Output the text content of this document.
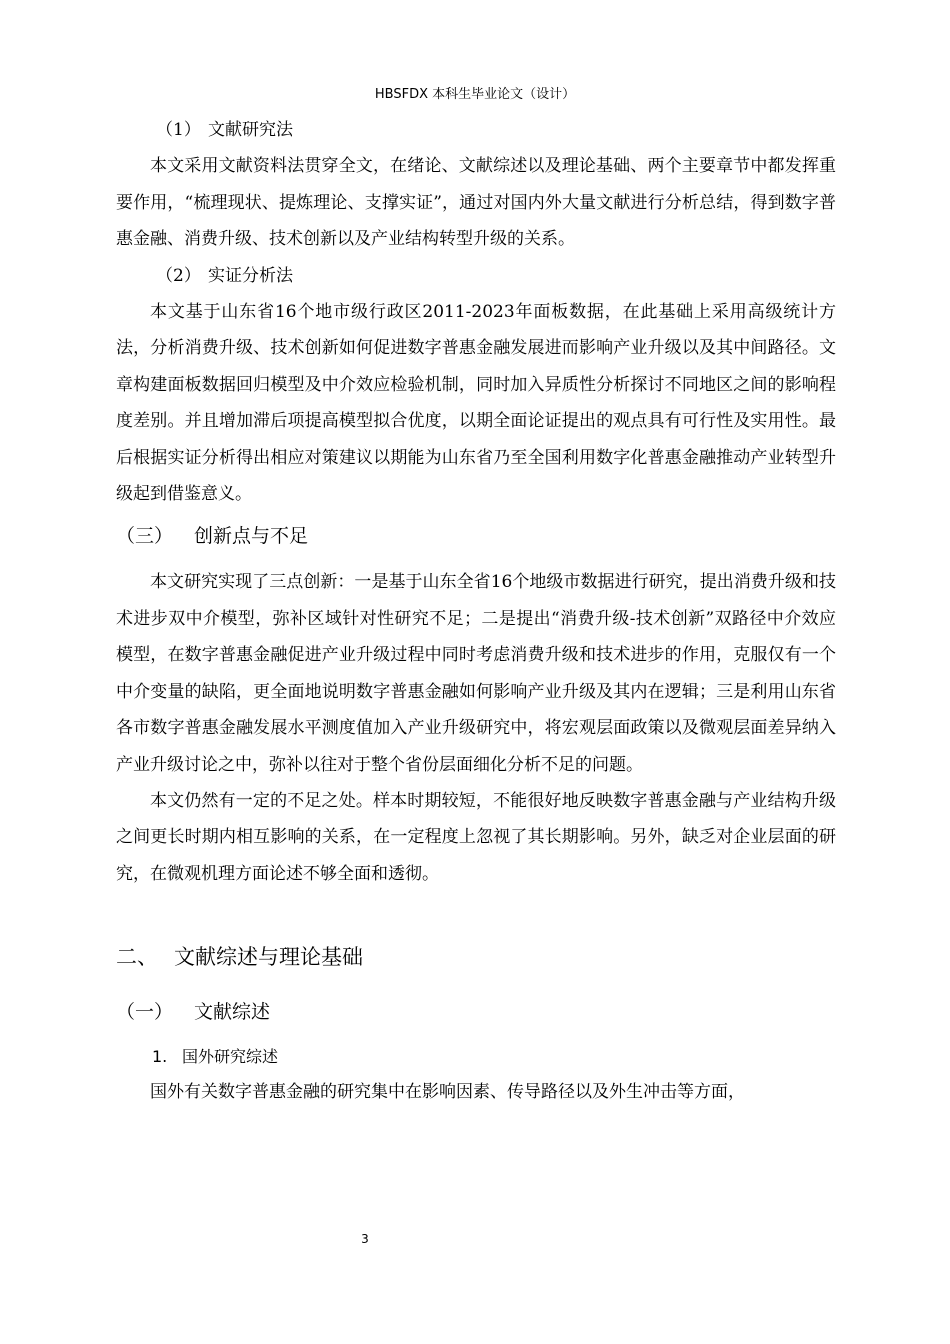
HBSFDX 本科生毕业论文（设计）
（1） 文献研究法

本文采用文献资料法贯穿全文，在绪论、文献综述以及理论基础、两个主要章节中都发挥重要作用，“梳理现状、提炼理论、支撑实证”，通过对国内外大量文献进行分析总结，得到数字普惠金融、消费升级、技术创新以及产业结构转型升级的关系。

（2） 实证分析法

本文基于山东省16个地市级行政区2011-2023年面板数据，在此基础上采用高级统计方法，分析消费升级、技术创新如何促进数字普惠金融发展进而影响产业升级以及其中间路径。文章构建面板数据回归模型及中介效应检验机制，同时加入异质性分析探讨不同地区之间的影响程度差别。并且增加滞后项提高模型拟合优度，以期全面论证提出的观点具有可行性及实用性。最后根据实证分析得出相应对策建议以期能为山东省乃至全国利用数字化普惠金融推动产业转型升级起到借鉴意义。

（三） 创新点与不足

本文研究实现了三点创新：一是基于山东全省16个地级市数据进行研究，提出消费升级和技术进步双中介模型，弥补区域针对性研究不足；二是提出“消费升级-技术创新”双路径中介效应模型，在数字普惠金融促进产业升级过程中同时考虑消费升级和技术进步的作用，克服仅有一个中介变量的缺陷，更全面地说明数字普惠金融如何影响产业升级及其内在逻辑；三是利用山东省各市数字普惠金融发展水平测度值加入产业升级研究中，将宏观层面政策以及微观层面差异纳入产业升级讨论之中，弥补以往对于整个省份层面细化分析不足的问题。

本文仍然有一定的不足之处。样本时期较短，不能很好地反映数字普惠金融与产业结构升级之间更长时期内相互影响的关系，在一定程度上忽视了其长期影响。另外，缺乏对企业层面的研究，在微观机理方面论述不够全面和透彻。

二、 文献综述与理论基础
（一） 文献综述
1. 国外研究综述

国外有关数字普惠金融的研究集中在影响因素、传导路径以及外生冲击等方面，

3
